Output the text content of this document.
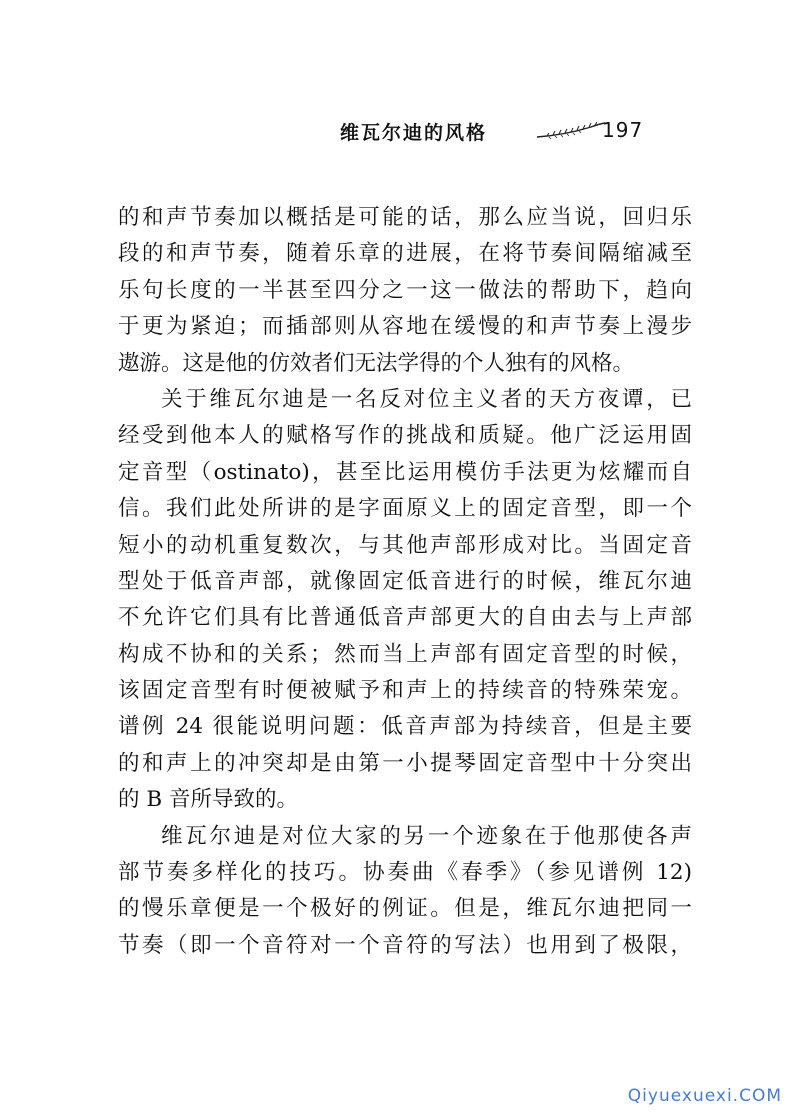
维瓦尔迪的风格	197
的和声节奏加以概括是可能的话，那么应当说，回归乐
段的和声节奏，随着乐章的进展，在将节奏间隔缩减至
乐句长度的一半甚至四分之一这一做法的帮助下，趋向
于更为紧迫；而插部则从容地在缓慢的和声节奏上漫步
遨游。这是他的仿效者们无法学得的个人独有的风格。
关于维瓦尔迪是一名反对位主义者的天方夜谭，已
经受到他本人的赋格写作的挑战和质疑。他广泛运用固
定音型（ostinato)，甚至比运用模仿手法更为炫耀而自
信。我们此处所讲的是字面原义上的固定音型，即一个
短小的动机重复数次，与其他声部形成对比。当固定音
型处于低音声部，就像固定低音进行的时候，维瓦尔迪
不允许它们具有比普通低音声部更大的自由去与上声部
构成不协和的关系；然而当上声部有固定音型的时候，
该固定音型有时便被赋予和声上的持续音的特殊荣宠。
谱例 24 很能说明问题：低音声部为持续音，但是主要
的和声上的冲突却是由第一小提琴固定音型中十分突出
的 B 音所导致的。
维瓦尔迪是对位大家的另一个迹象在于他那使各声
部节奏多样化的技巧。协奏曲《春季》（参见谱例 12)
的慢乐章便是一个极好的例证。但是，维瓦尔迪把同一
节奏（即一个音符对一个音符的写法）也用到了极限，
Qiyuexuexi.COM
